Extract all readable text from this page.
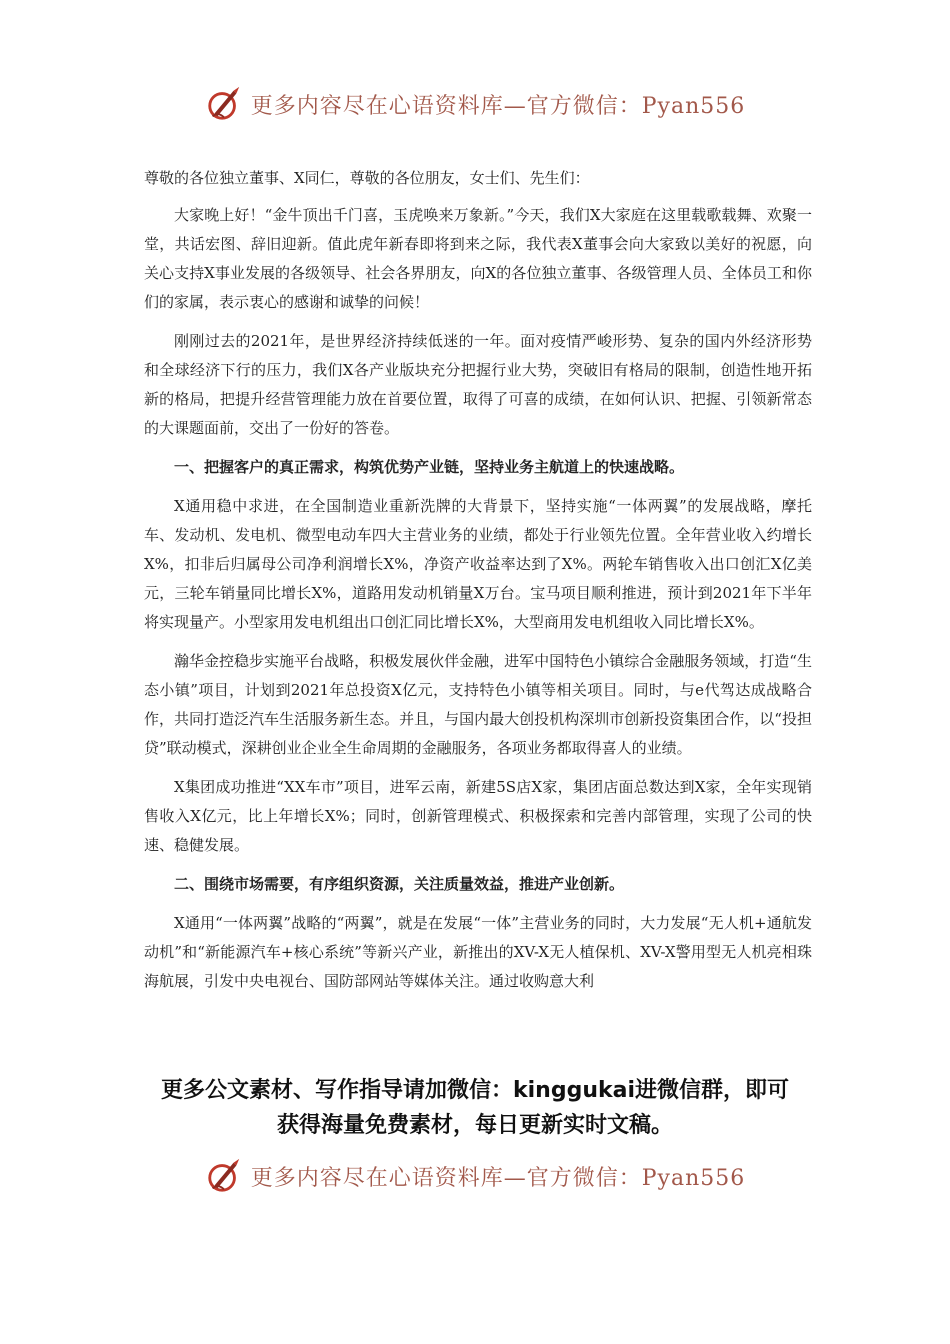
更多内容尽在心语资料库—官方微信：Pyan556

尊敬的各位独立董事、X同仁，尊敬的各位朋友，女士们、先生们：

大家晚上好！“金牛顶出千门喜，玉虎唤来万象新。”今天，我们X大家庭在这里载歌载舞、欢聚一堂，共话宏图、辞旧迎新。值此虎年新春即将到来之际，我代表X董事会向大家致以美好的祝愿，向关心支持X事业发展的各级领导、社会各界朋友，向X的各位独立董事、各级管理人员、全体员工和你们的家属，表示衷心的感谢和诚挚的问候！

刚刚过去的2021年，是世界经济持续低迷的一年。面对疫情严峻形势、复杂的国内外经济形势和全球经济下行的压力，我们X各产业版块充分把握行业大势，突破旧有格局的限制，创造性地开拓新的格局，把提升经营管理能力放在首要位置，取得了可喜的成绩，在如何认识、把握、引领新常态的大课题面前，交出了一份好的答卷。

一、把握客户的真正需求，构筑优势产业链，坚持业务主航道上的快速战略。

X通用稳中求进，在全国制造业重新洗牌的大背景下，坚持实施“一体两翼”的发展战略，摩托车、发动机、发电机、微型电动车四大主营业务的业绩，都处于行业领先位置。全年营业收入约增长X%，扣非后归属母公司净利润增长X%，净资产收益率达到了X%。两轮车销售收入出口创汇X亿美元，三轮车销量同比增长X%，道路用发动机销量X万台。宝马项目顺利推进，预计到2021年下半年将实现量产。小型家用发电机组出口创汇同比增长X%，大型商用发电机组收入同比增长X%。

瀚华金控稳步实施平台战略，积极发展伙伴金融，进军中国特色小镇综合金融服务领域，打造“生态小镇”项目，计划到2021年总投资X亿元，支持特色小镇等相关项目。同时，与e代驾达成战略合作，共同打造泛汽车生活服务新生态。并且，与国内最大创投机构深圳市创新投资集团合作，以“投担贷”联动模式，深耕创业企业全生命周期的金融服务，各项业务都取得喜人的业绩。

X集团成功推进“XX车市”项目，进军云南，新建5S店X家，集团店面总数达到X家，全年实现销售收入X亿元，比上年增长X%；同时，创新管理模式、积极探索和完善内部管理，实现了公司的快速、稳健发展。

二、围绕市场需要，有序组织资源，关注质量效益，推进产业创新。

X通用“一体两翼”战略的“两翼”，就是在发展“一体”主营业务的同时，大力发展“无人机+通航发动机”和“新能源汽车+核心系统”等新兴产业，新推出的XV-X无人植保机、XV-X警用型无人机亮相珠海航展，引发中央电视台、国防部网站等媒体关注。通过收购意大利

更多公文素材、写作指导请加微信：kinggukai进微信群，即可
获得海量免费素材，每日更新实时文稿。
更多内容尽在心语资料库—官方微信：Pyan556
